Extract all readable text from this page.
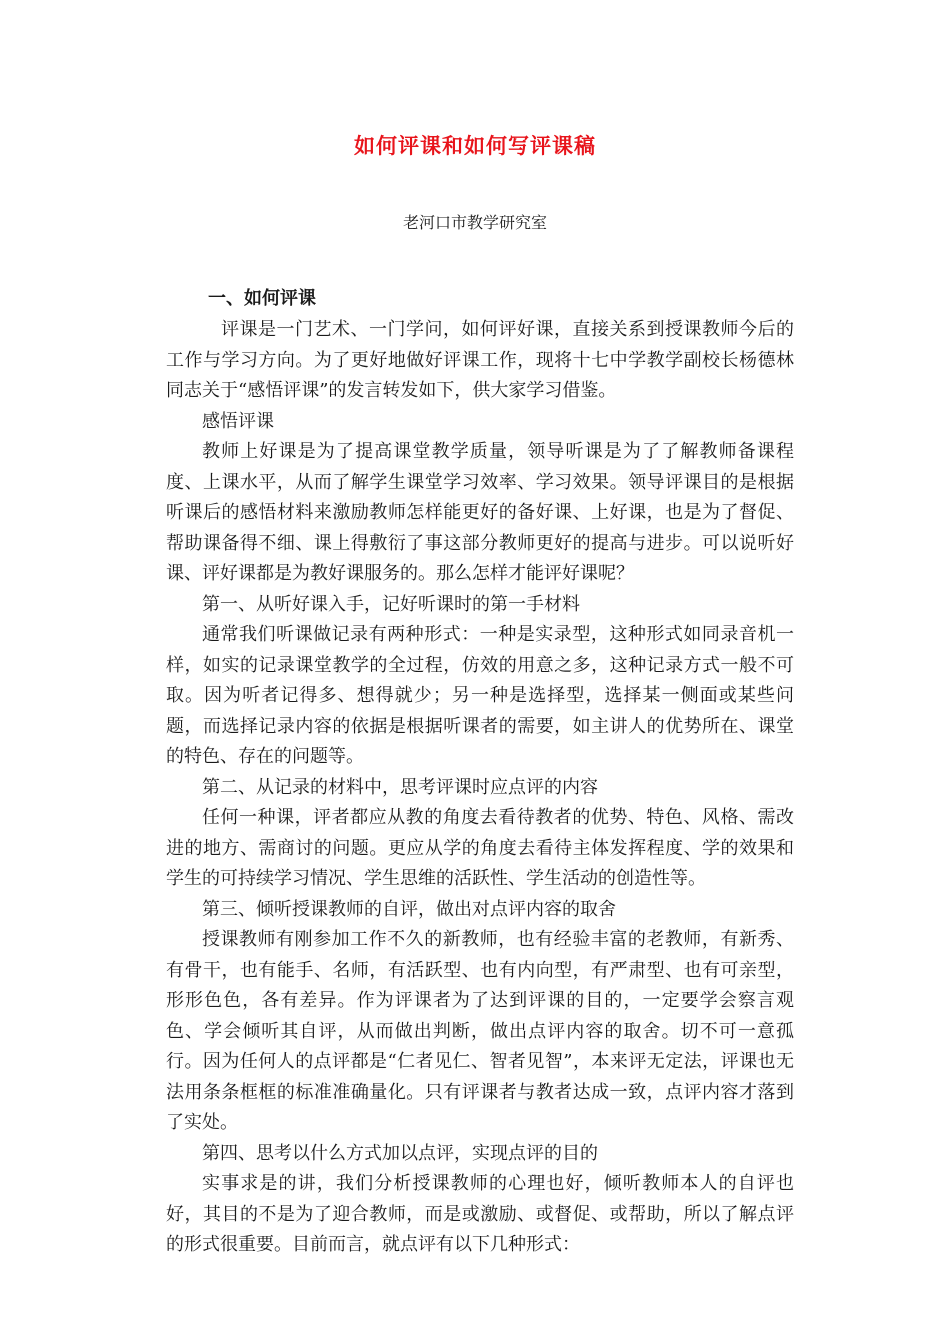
如何评课和如何写评课稿
老河口市教学研究室
一、如何评课

评课是一门艺术、一门学问，如何评好课，直接关系到授课教师今后的工作与学习方向。为了更好地做好评课工作，现将十七中学教学副校长杨德林同志关于“感悟评课”的发言转发如下，供大家学习借鉴。

感悟评课

教师上好课是为了提高课堂教学质量，领导听课是为了了解教师备课程度、上课水平，从而了解学生课堂学习效率、学习效果。领导评课目的是根据听课后的感悟材料来激励教师怎样能更好的备好课、上好课，也是为了督促、帮助课备得不细、课上得敷衍了事这部分教师更好的提高与进步。可以说听好课、评好课都是为教好课服务的。那么怎样才能评好课呢？

第一、从听好课入手，记好听课时的第一手材料

通常我们听课做记录有两种形式：一种是实录型，这种形式如同录音机一样，如实的记录课堂教学的全过程，仿效的用意之多，这种记录方式一般不可取。因为听者记得多、想得就少；另一种是选择型，选择某一侧面或某些问题，而选择记录内容的依据是根据听课者的需要，如主讲人的优势所在、课堂的特色、存在的问题等。

第二、从记录的材料中，思考评课时应点评的内容

任何一种课，评者都应从教的角度去看待教者的优势、特色、风格、需改进的地方、需商讨的问题。更应从学的角度去看待主体发挥程度、学的效果和学生的可持续学习情况、学生思维的活跃性、学生活动的创造性等。

第三、倾听授课教师的自评，做出对点评内容的取舍

授课教师有刚参加工作不久的新教师，也有经验丰富的老教师，有新秀、有骨干，也有能手、名师，有活跃型、也有内向型，有严肃型、也有可亲型，形形色色，各有差异。作为评课者为了达到评课的目的，一定要学会察言观色、学会倾听其自评，从而做出判断，做出点评内容的取舍。切不可一意孤行。因为任何人的点评都是“仁者见仁、智者见智”，本来评无定法，评课也无法用条条框框的标准准确量化。只有评课者与教者达成一致，点评内容才落到了实处。

第四、思考以什么方式加以点评，实现点评的目的

实事求是的讲，我们分析授课教师的心理也好，倾听教师本人的自评也好，其目的不是为了迎合教师，而是或激励、或督促、或帮助，所以了解点评的形式很重要。目前而言，就点评有以下几种形式：
